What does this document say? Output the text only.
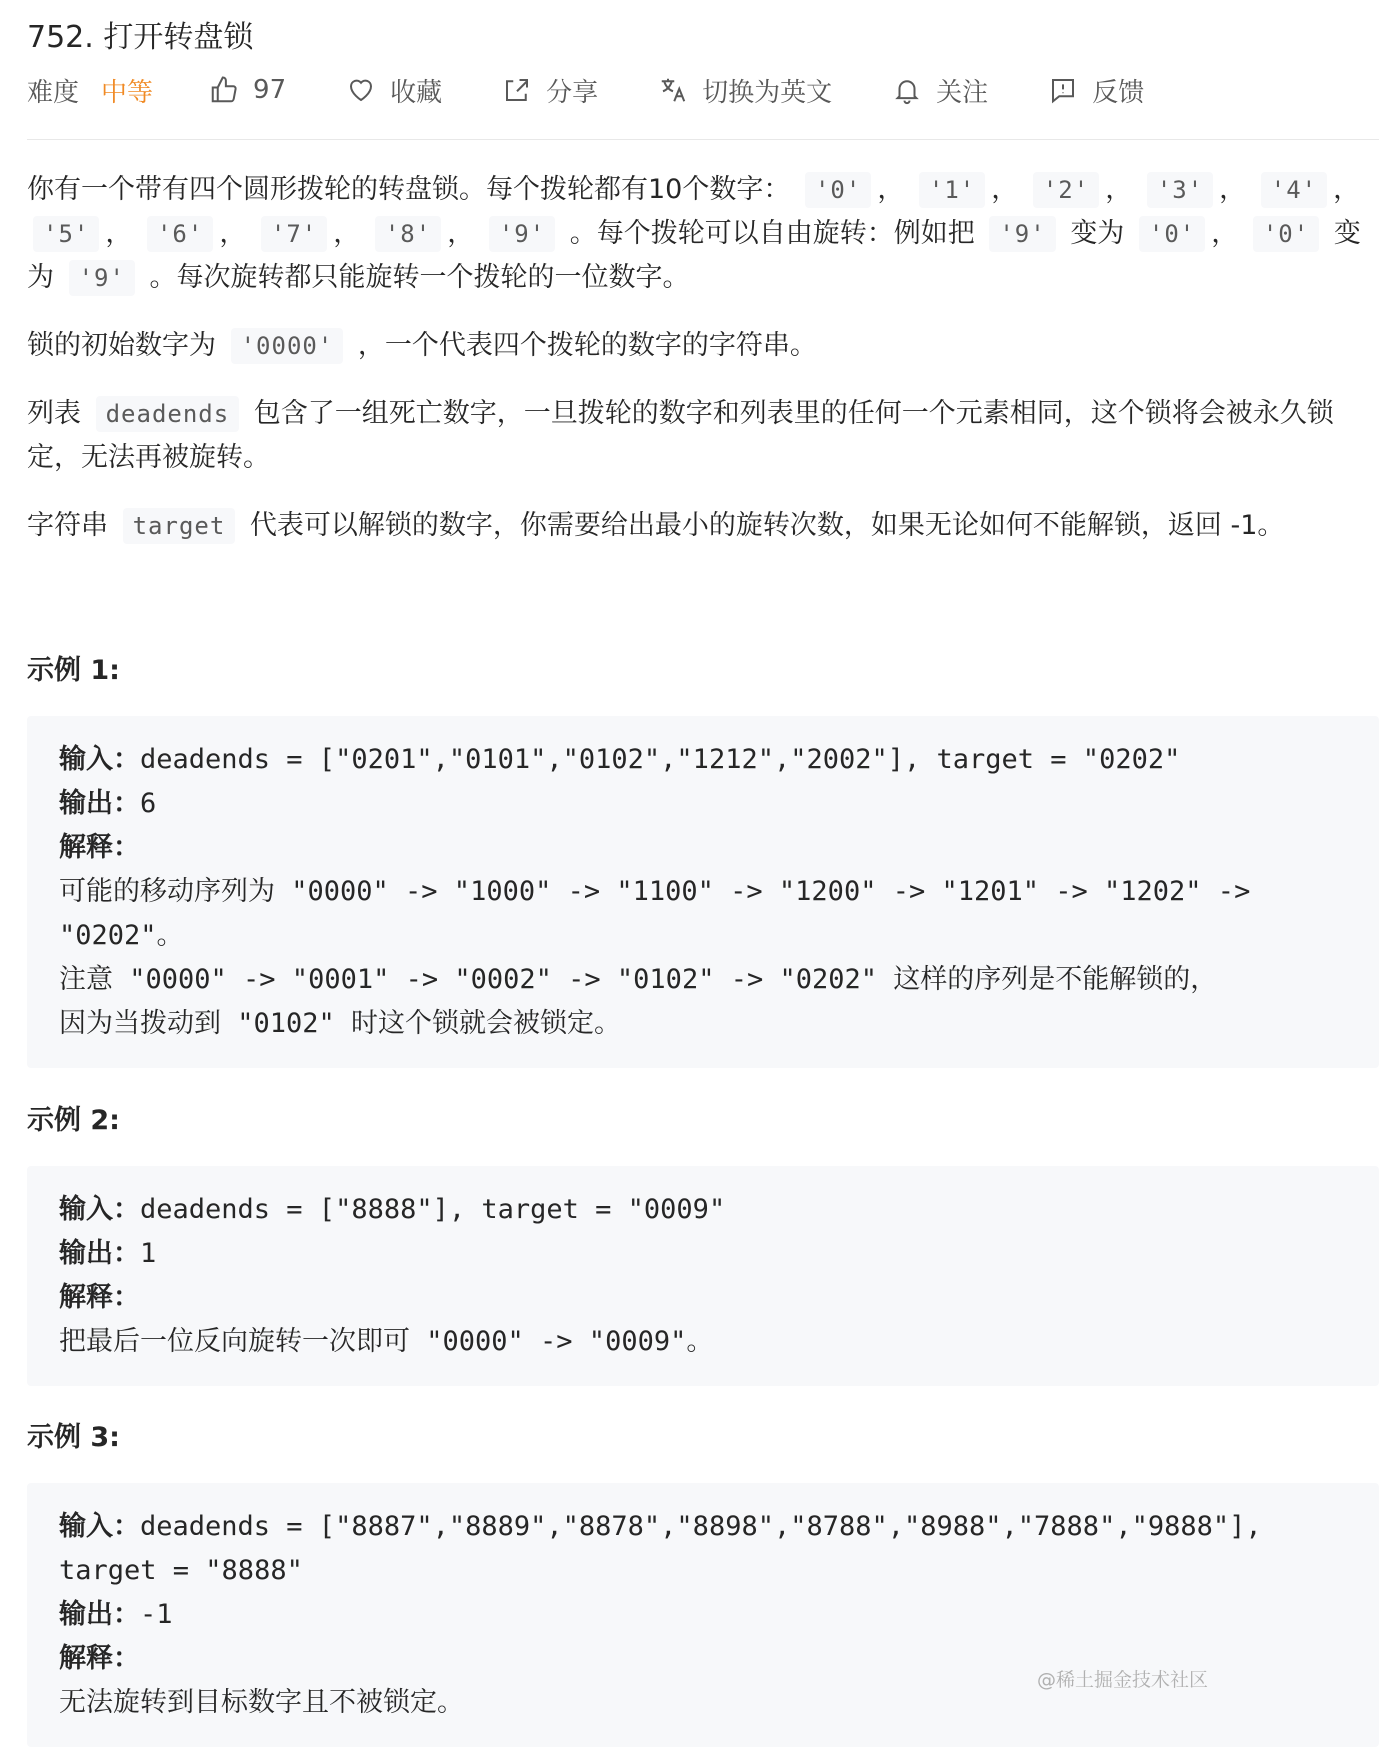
752. 打开转盘锁
难度 中等	97	收藏	分享	切换为英文	关注	反馈

你有一个带有四个圆形拨轮的转盘锁。每个拨轮都有10个数字： '0' ， '1' ， '2' ， '3' ， '4' ， '5' ， '6' ， '7' ， '8' ， '9' 。每个拨轮可以自由旋转：例如把 '9' 变为 '0' ， '0' 变为 '9' 。每次旋转都只能旋转一个拨轮的一位数字。

锁的初始数字为 '0000' ，一个代表四个拨轮的数字的字符串。

列表 deadends 包含了一组死亡数字，一旦拨轮的数字和列表里的任何一个元素相同，这个锁将会被永久锁定，无法再被旋转。

字符串 target 代表可以解锁的数字，你需要给出最小的旋转次数，如果无论如何不能解锁，返回 -1。

示例 1:
输入：deadends = ["0201","0101","0102","1212","2002"], target = "0202"
输出：6
解释：
可能的移动序列为 "0000" -> "1000" -> "1100" -> "1200" -> "1201" -> "1202" ->
"0202"。
注意 "0000" -> "0001" -> "0002" -> "0102" -> "0202" 这样的序列是不能解锁的，
因为当拨动到 "0102" 时这个锁就会被锁定。
示例 2:
输入：deadends = ["8888"], target = "0009"
输出：1
解释：
把最后一位反向旋转一次即可 "0000" -> "0009"。
示例 3:
输入：deadends = ["8887","8889","8878","8898","8788","8988","7888","9888"],
target = "8888"
输出：-1
解释：
无法旋转到目标数字且不被锁定。
@稀土掘金技术社区
